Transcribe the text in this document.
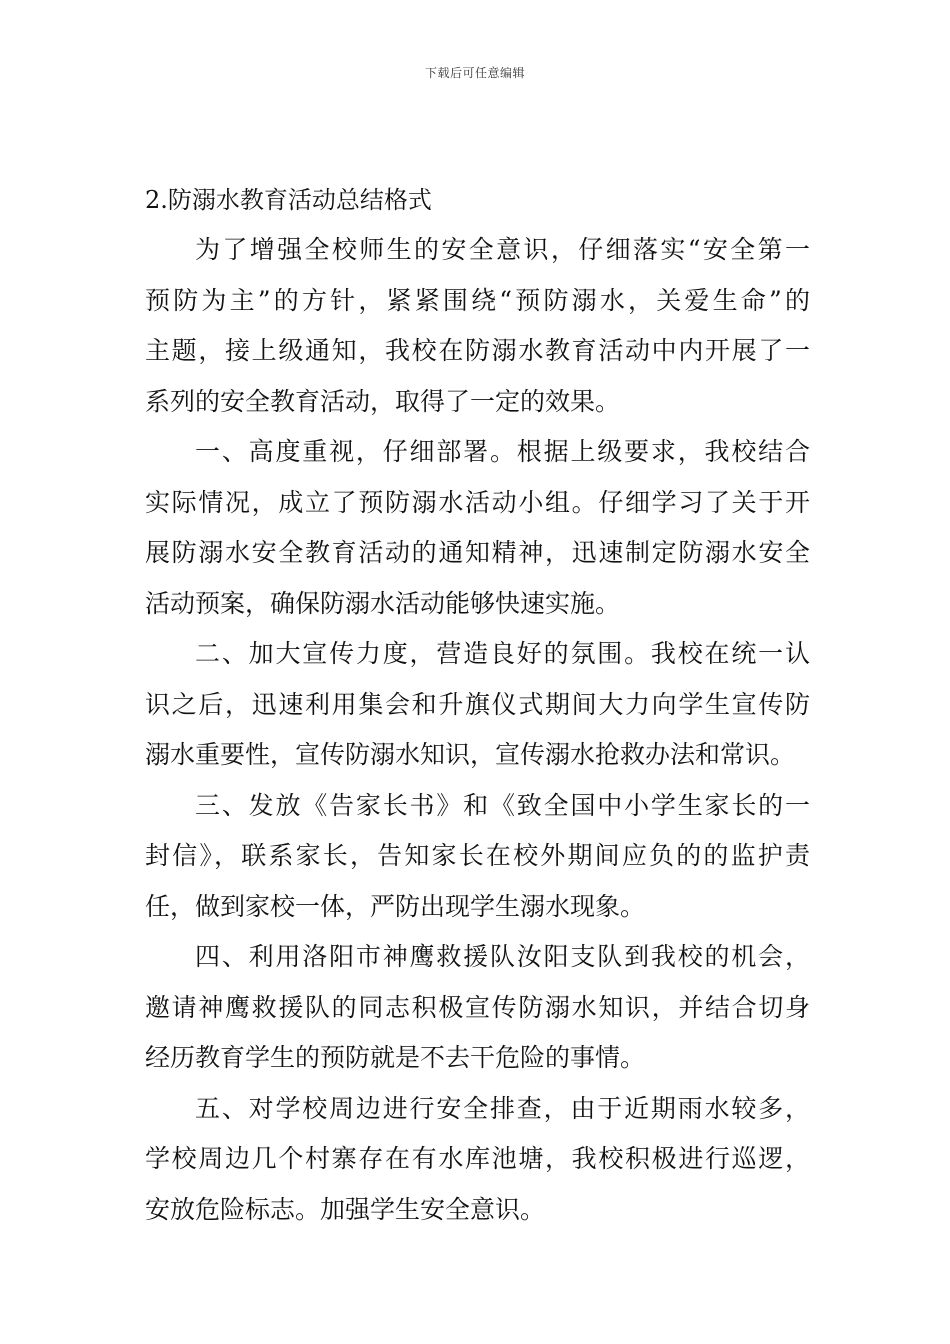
下载后可任意编辑
2.防溺水教育活动总结格式

为了增强全校师生的安全意识，仔细落实“安全第一
预防为主”的方针，紧紧围绕“预防溺水，关爱生命”的
主题，接上级通知，我校在防溺水教育活动中内开展了一
系列的安全教育活动，取得了一定的效果。

一、高度重视，仔细部署。根据上级要求，我校结合
实际情况，成立了预防溺水活动小组。仔细学习了关于开
展防溺水安全教育活动的通知精神，迅速制定防溺水安全
活动预案，确保防溺水活动能够快速实施。

二、加大宣传力度，营造良好的氛围。我校在统一认
识之后，迅速利用集会和升旗仪式期间大力向学生宣传防
溺水重要性，宣传防溺水知识，宣传溺水抢救办法和常识。

三、发放《告家长书》和《致全国中小学生家长的一
封信》，联系家长，告知家长在校外期间应负的的监护责
任，做到家校一体，严防出现学生溺水现象。

四、利用洛阳市神鹰救援队汝阳支队到我校的机会，
邀请神鹰救援队的同志积极宣传防溺水知识，并结合切身
经历教育学生的预防就是不去干危险的事情。

五、对学校周边进行安全排查，由于近期雨水较多，
学校周边几个村寨存在有水库池塘，我校积极进行巡逻，
安放危险标志。加强学生安全意识。
